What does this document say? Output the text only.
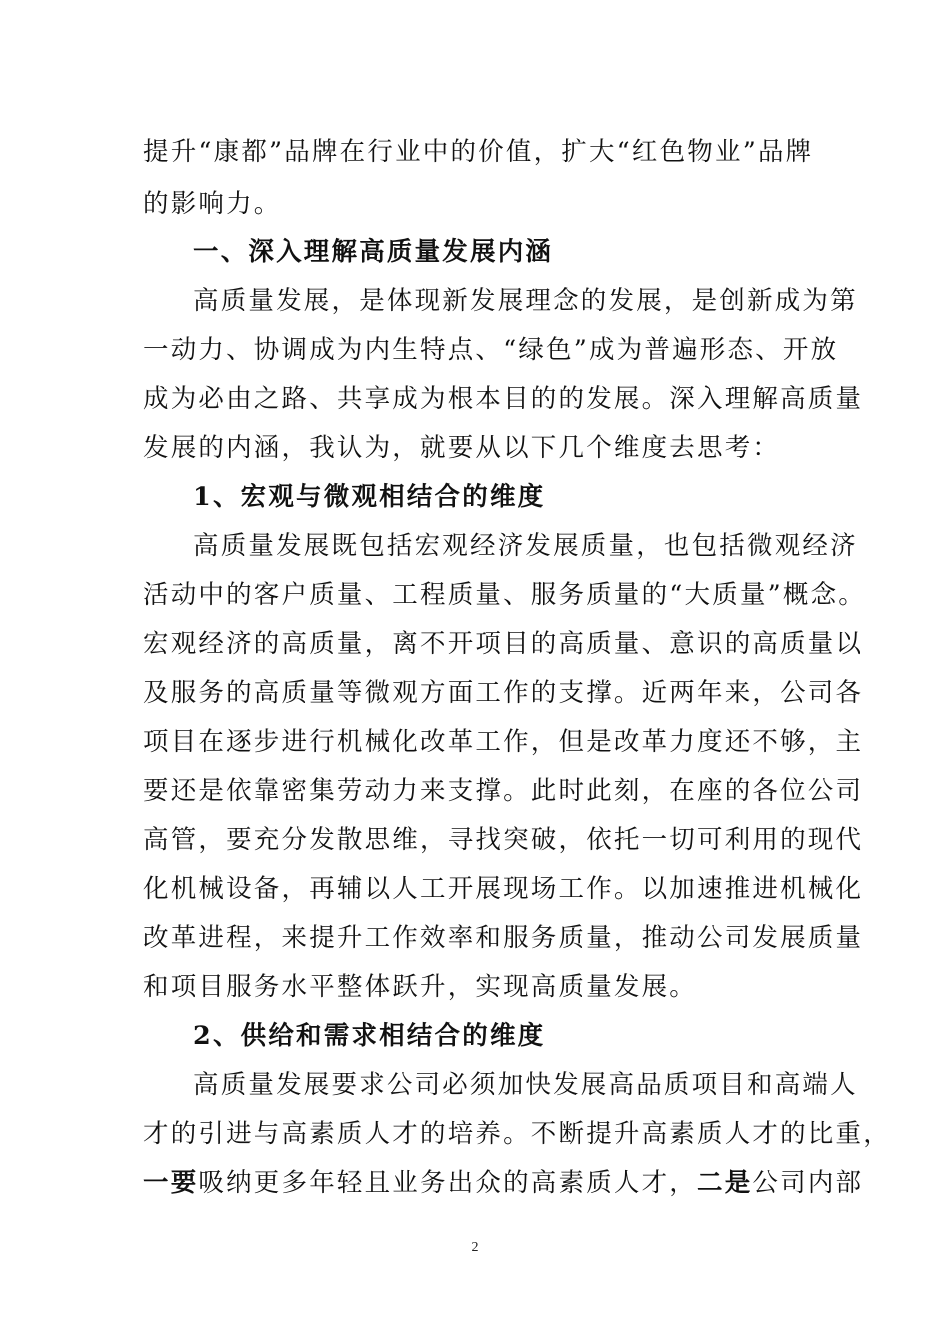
提升“康都”品牌在行业中的价值，扩大“红色物业”品牌
的影响力。
一、深入理解高质量发展内涵
高质量发展，是体现新发展理念的发展，是创新成为第
一动力、协调成为内生特点、“绿色”成为普遍形态、开放
成为必由之路、共享成为根本目的的发展。深入理解高质量
发展的内涵，我认为，就要从以下几个维度去思考：
1、宏观与微观相结合的维度
高质量发展既包括宏观经济发展质量，也包括微观经济
活动中的客户质量、工程质量、服务质量的“大质量”概念。
宏观经济的高质量，离不开项目的高质量、意识的高质量以
及服务的高质量等微观方面工作的支撑。近两年来，公司各
项目在逐步进行机械化改革工作，但是改革力度还不够，主
要还是依靠密集劳动力来支撑。此时此刻，在座的各位公司
高管，要充分发散思维，寻找突破，依托一切可利用的现代
化机械设备，再辅以人工开展现场工作。以加速推进机械化
改革进程，来提升工作效率和服务质量，推动公司发展质量
和项目服务水平整体跃升，实现高质量发展。
2、供给和需求相结合的维度
高质量发展要求公司必须加快发展高品质项目和高端人
才的引进与高素质人才的培养。不断提升高素质人才的比重，
一要吸纳更多年轻且业务出众的高素质人才，二是公司内部
2
